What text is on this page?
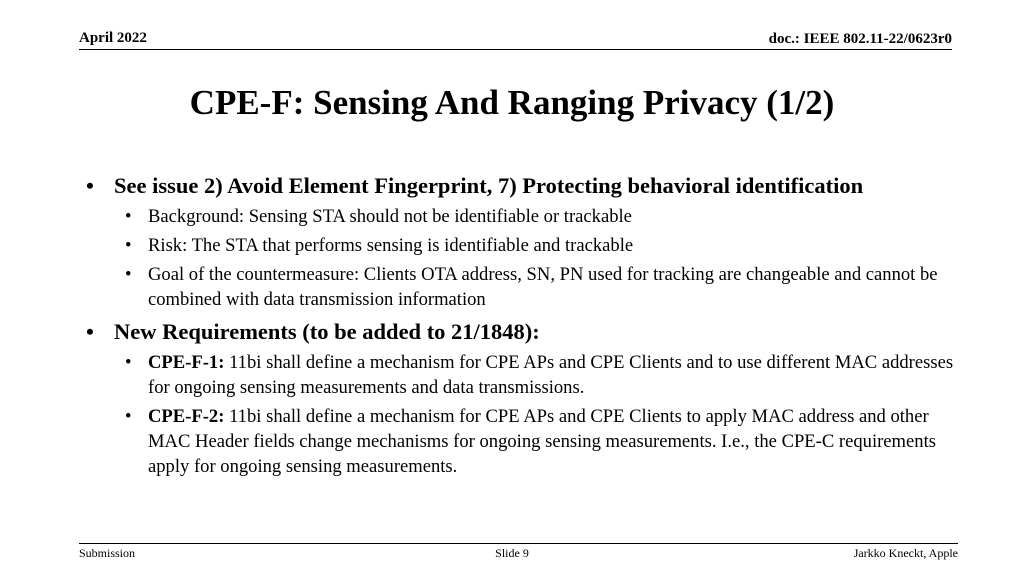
April 2022	doc.: IEEE 802.11-22/0623r0
CPE-F: Sensing And Ranging Privacy (1/2)
• See issue 2) Avoid Element Fingerprint, 7) Protecting behavioral identification
• Background: Sensing STA should not be identifiable or trackable
• Risk: The STA that performs sensing is identifiable and trackable
• Goal of the countermeasure: Clients OTA address, SN, PN used for tracking are changeable and cannot be combined with data transmission information
• New Requirements (to be added to 21/1848):
• CPE-F-1: 11bi shall define a mechanism for CPE APs and CPE Clients and to use different MAC addresses for ongoing sensing measurements and data transmissions.
• CPE-F-2: 11bi shall define a mechanism for CPE APs and CPE Clients to apply MAC address and other MAC Header fields change mechanisms for ongoing sensing measurements. I.e., the CPE-C requirements apply for ongoing sensing measurements.
Submission	Slide 9	Jarkko Kneckt, Apple
